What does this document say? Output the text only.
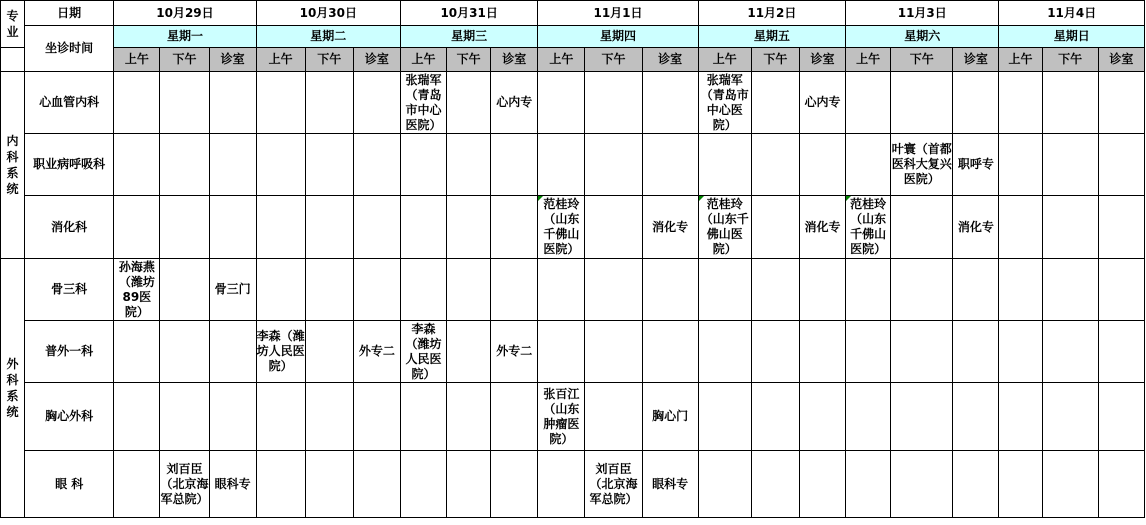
专业	日期	10月29日			10月30日			10月31日			11月1日			11月2日			11月3日			11月4日		
	坐诊时间	星期一			星期二			星期三			星期四			星期五			星期六			星期日		
		上午	下午	诊室	上午	下午	诊室	上午	下午	诊室	上午	下午	诊室	上午	下午	诊室	上午	下午	诊室	上午	下午	诊室
内科系统	心血管内科							张瑞军（青岛市中心医院）		心内专				张瑞军（青岛市中心医院）		心内专						
	职业病呼吸科																	叶寰（首都医科大复兴医院）	职呼专			
	消化科										范桂玲（山东千佛山医院）		消化专	范桂玲（山东千佛山医院）		消化专	范桂玲（山东千佛山医院）		消化专			
外科系统	骨三科	孙海燕（潍坊89医院）		骨三门																		
	普外一科				李森（潍坊人民医院）		外专二	李森（潍坊人民医院）		外专二												
	胸心外科										张百江（山东肿瘤医院）		胸心门									
	眼 科		刘百臣（北京海军总院）	眼科专								刘百臣（北京海军总院）	眼科专									
